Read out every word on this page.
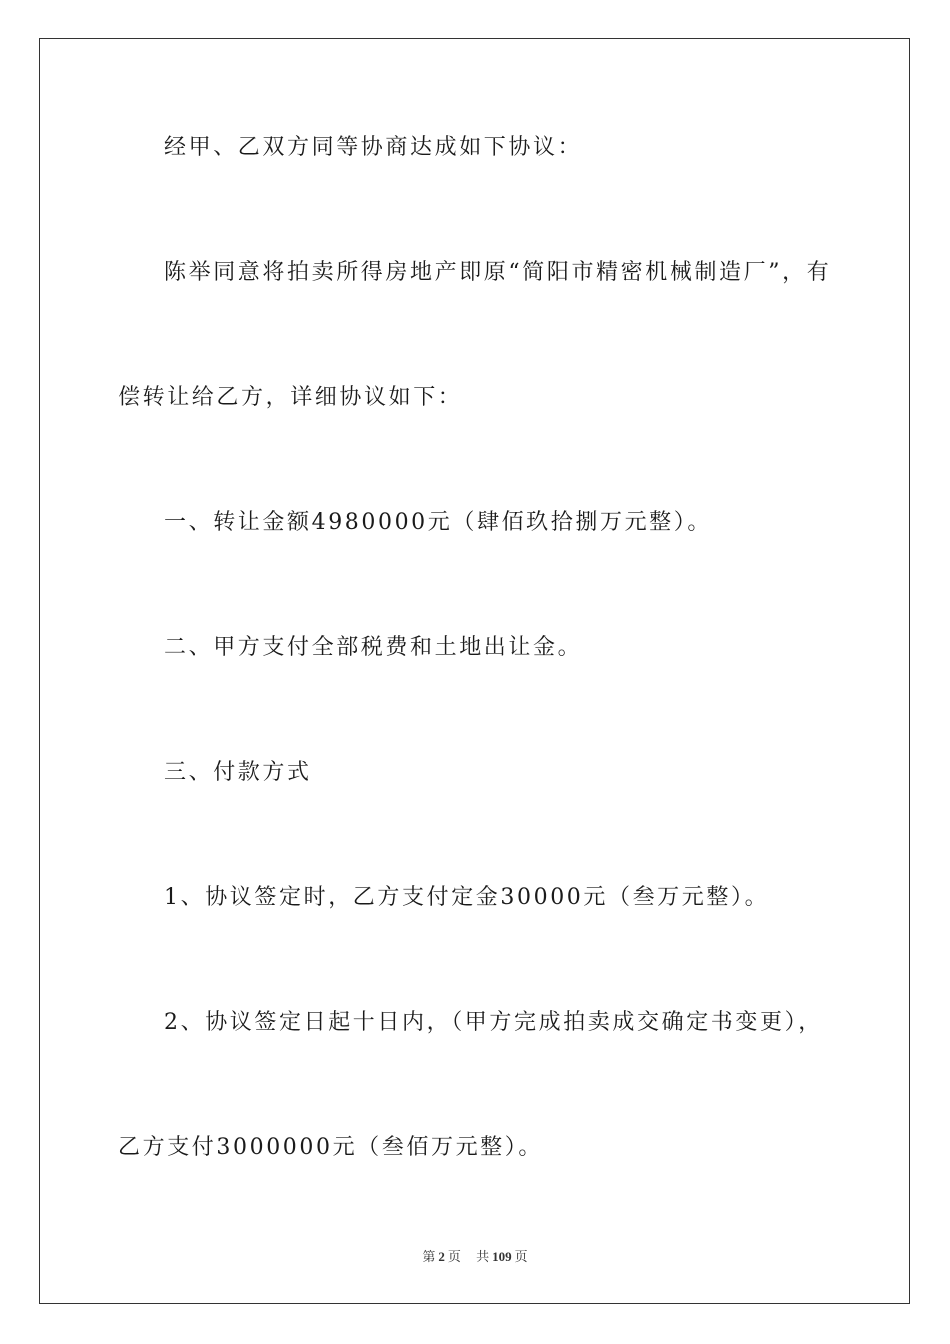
经甲、乙双方同等协商达成如下协议：
陈举同意将拍卖所得房地产即原“简阳市精密机械制造厂”，有
偿转让给乙方，详细协议如下：
一、转让金额4980000元（肆佰玖拾捌万元整）。
二、甲方支付全部税费和土地出让金。
三、付款方式
1、协议签定时，乙方支付定金30000元（叁万元整）。
2、协议签定日起十日内，（甲方完成拍卖成交确定书变更），
乙方支付3000000元（叁佰万元整）。
第 2 页 共 109 页
